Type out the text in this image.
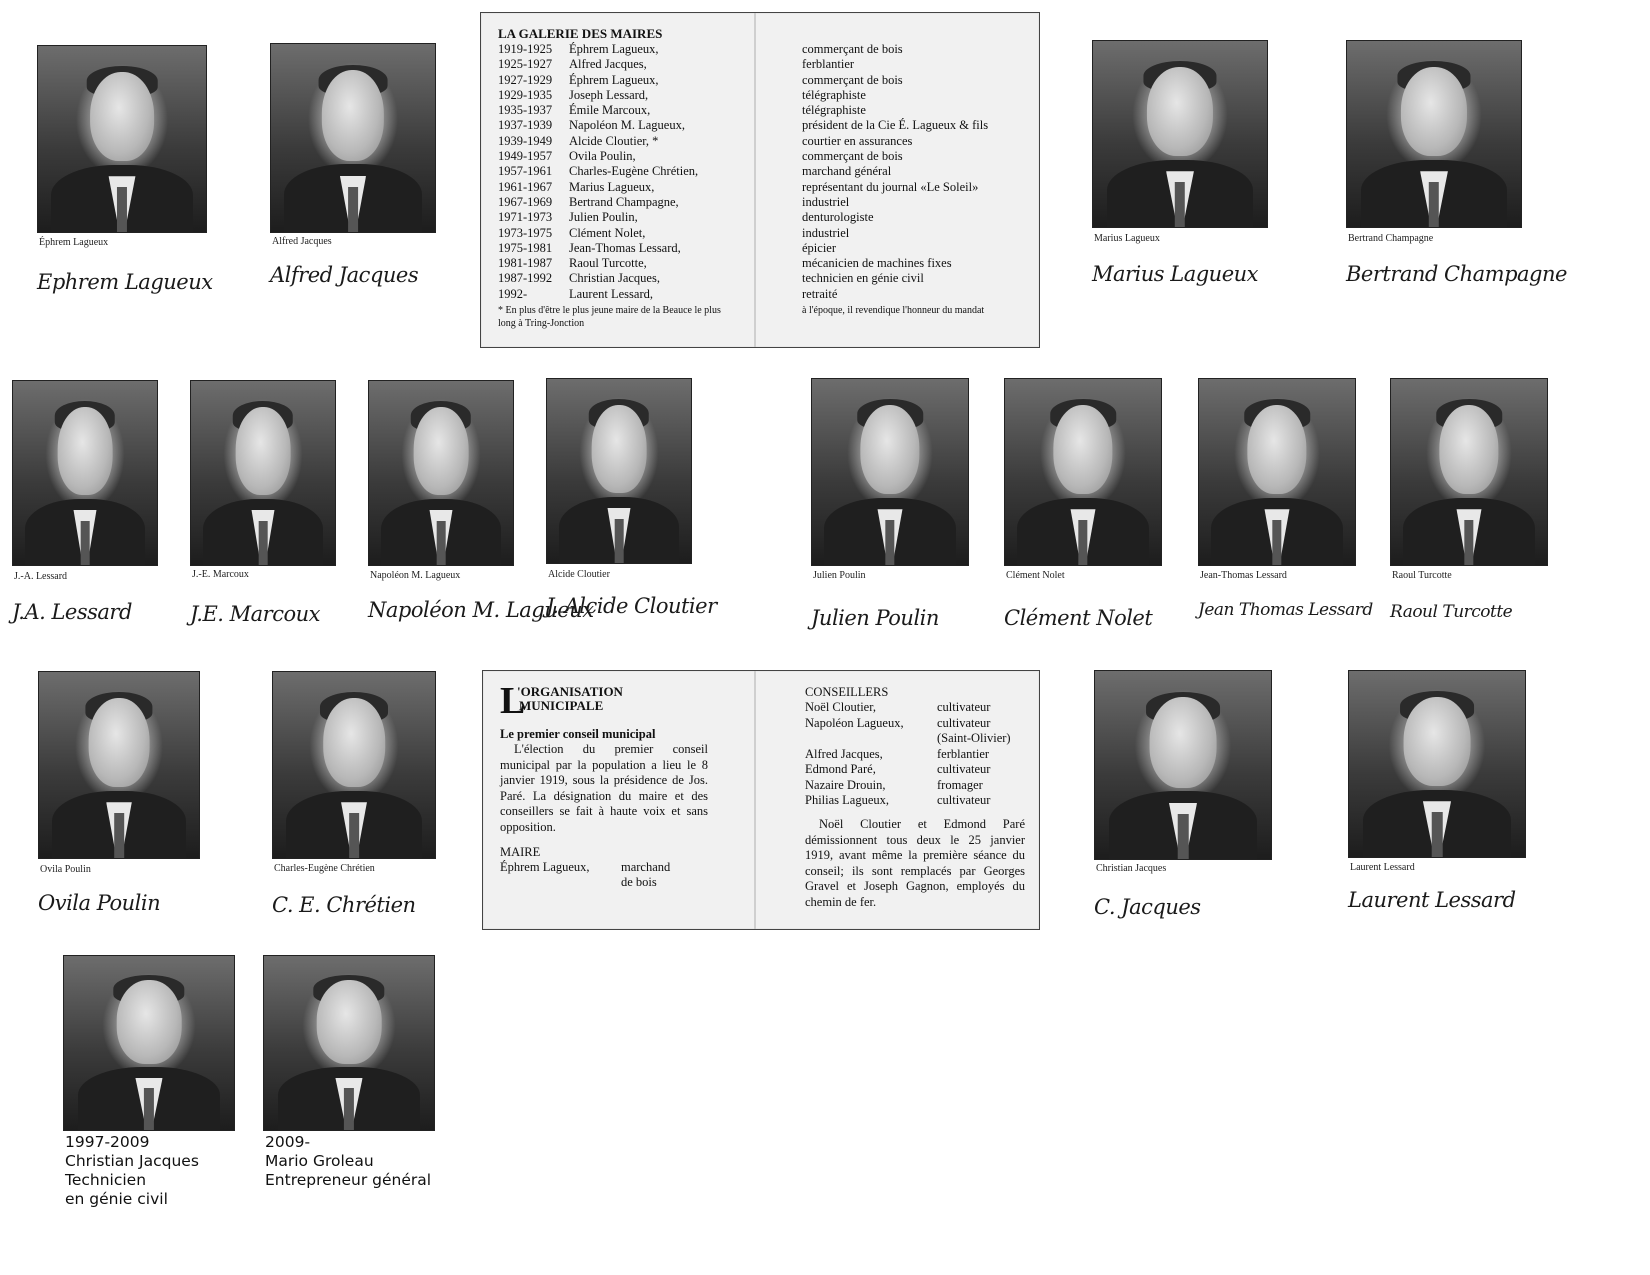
Éphrem Lagueux
Ephrem Lagueux
Alfred Jacques
Alfred Jacques
LA GALERIE DES MAIRES
1919-1925
1925-1927
1927-1929
1929-1935
1935-1937
1937-1939
1939-1949
1949-1957
1957-1961
1961-1967
1967-1969
1971-1973
1973-1975
1975-1981
1981-1987
1987-1992
1992-
Éphrem Lagueux,
Alfred Jacques,
Éphrem Lagueux,
Joseph Lessard,
Émile Marcoux,
Napoléon M. Lagueux,
Alcide Cloutier, *
Ovila Poulin,
Charles-Eugène Chrétien,
Marius Lagueux,
Bertrand Champagne,
Julien Poulin,
Clément Nolet,
Jean-Thomas Lessard,
Raoul Turcotte,
Christian Jacques,
Laurent Lessard,
commerçant de bois
ferblantier
commerçant de bois
télégraphiste
télégraphiste
président de la Cie É. Lagueux & fils
courtier en assurances
commerçant de bois
marchand général
représentant du journal «Le Soleil»
industriel
denturologiste
industriel
épicier
mécanicien de machines fixes
technicien en génie civil
retraité
* En plus d'être le plus jeune maire de la Beauce le plus long à Tring-Jonction
à l'époque, il revendique l'honneur du mandat
Marius Lagueux
Marius Lagueux
Bertrand Champagne
Bertrand Champagne
J.-A. Lessard
J.A. Lessard
J.-E. Marcoux
J.E. Marcoux
Napoléon M. Lagueux
Napoléon M. Lagueux
Alcide Cloutier
J. Alcide Cloutier
Julien Poulin
Julien Poulin
Clément Nolet
Clément Nolet
Jean-Thomas Lessard
Jean Thomas Lessard
Raoul Turcotte
Raoul Turcotte
Ovila Poulin
Ovila Poulin
Charles-Eugène Chrétien
C. E. Chrétien
L
'ORGANISATION
MUNICIPALE
Le premier conseil municipal
L'élection du premier conseil municipal par la population a lieu le 8 janvier 1919, sous la présidence de Jos. Paré. La désignation du maire et des conseillers se fait à haute voix et sans opposition.
MAIRE
Éphrem Lagueux,	marchand
de bois
CONSEILLERS
Noël Cloutier,
Napoléon Lagueux,

Alfred Jacques,
Edmond Paré,
Nazaire Drouin,
Philias Lagueux,
cultivateur
cultivateur
(Saint-Olivier)
ferblantier
cultivateur
fromager
cultivateur
Noël Cloutier et Edmond Paré démissionnent tous deux le 25 janvier 1919, avant même la première séance du conseil; ils sont remplacés par Georges Gravel et Joseph Gagnon, employés du chemin de fer.
Christian Jacques
C. Jacques
Laurent Lessard
Laurent Lessard
1997-2009
Christian Jacques
Technicien
en génie civil
2009-
Mario Groleau
Entrepreneur général
